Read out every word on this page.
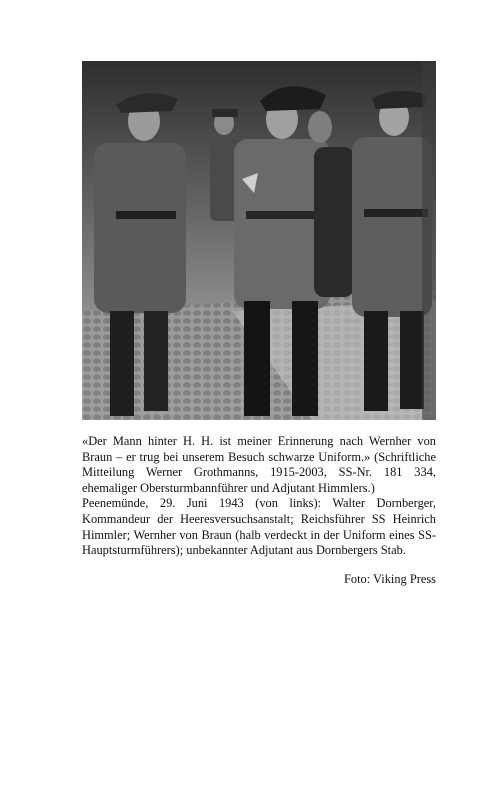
«Der Mann hinter H. H. ist meiner Erinnerung nach Wernher von Braun – er trug bei unserem Besuch schwarze Uniform.» (Schriftliche Mitteilung Werner Grothmanns, 1915-2003, SS-Nr. 181 334, ehemaliger Obersturmbannführer und Adjutant Himmlers.)

Peenemünde, 29. Juni 1943 (von links): Walter Dornberger, Kommandeur der Heeresversuchsanstalt; Reichsführer SS Heinrich Himmler; Wernher von Braun (halb verdeckt in der Uniform eines SS-Hauptsturmführers); unbekannter Adjutant aus Dornbergers Stab.

Foto: Viking Press
